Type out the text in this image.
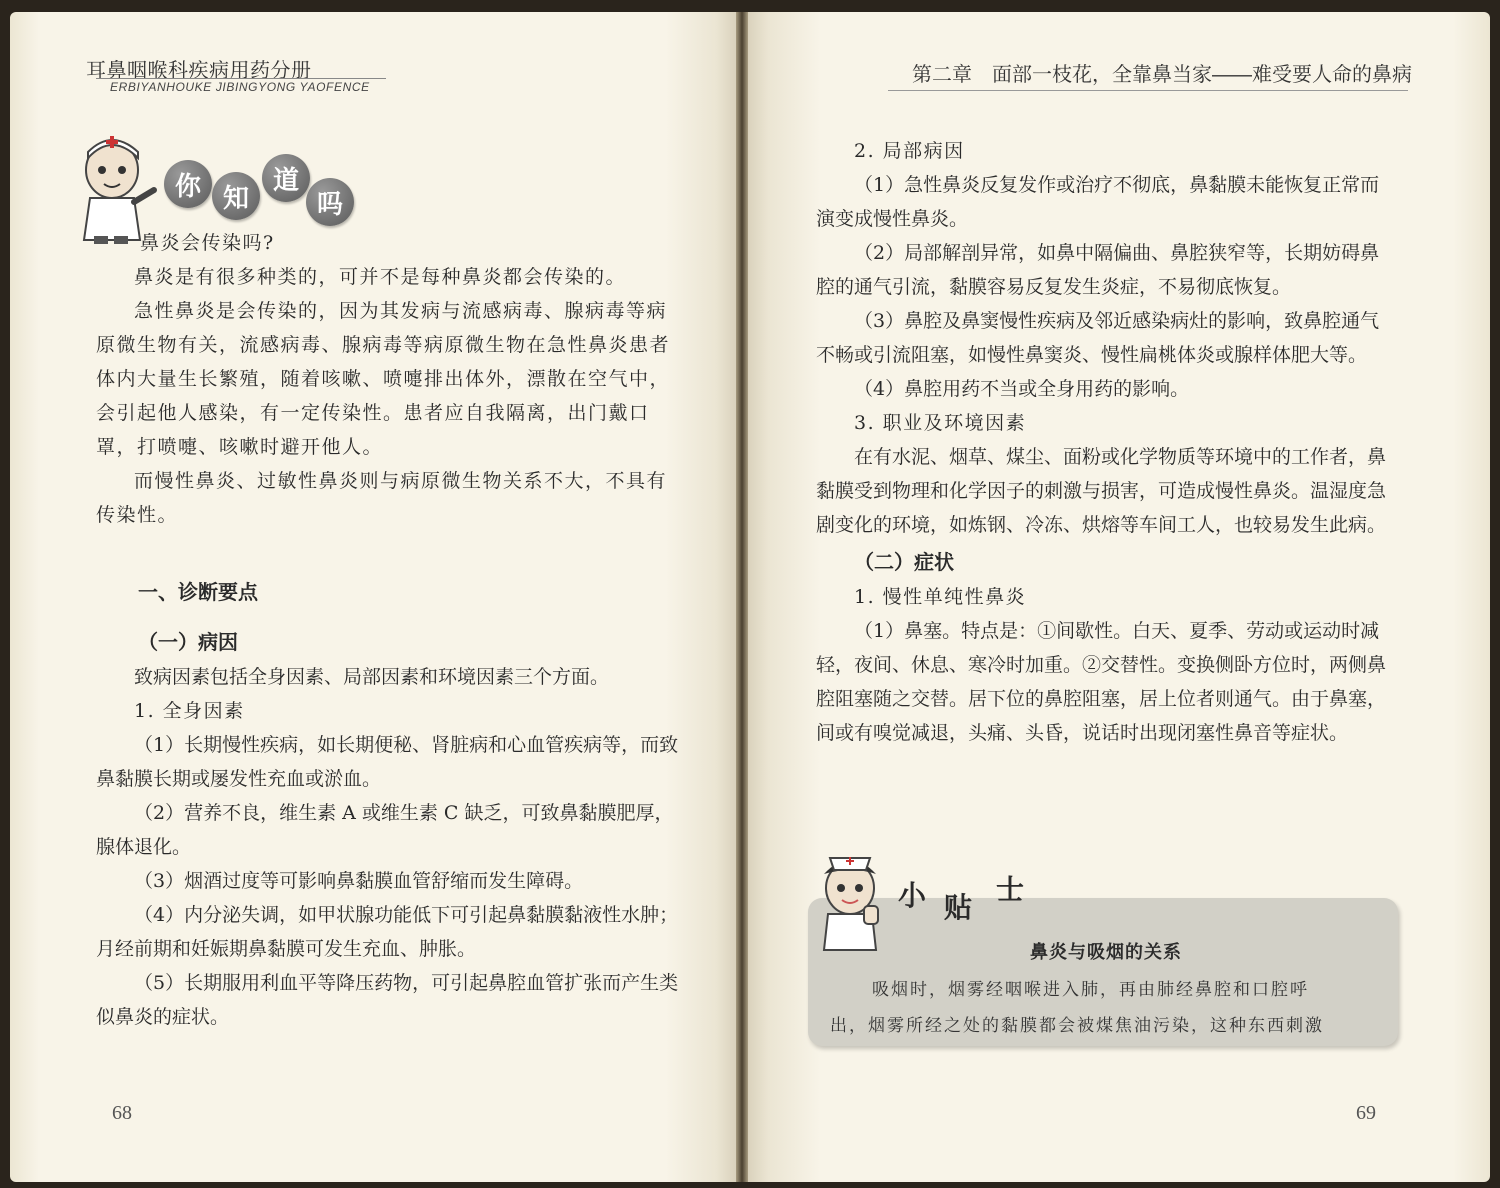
耳鼻咽喉科疾病用药分册
ERBIYANHOUKE JIBINGYONG YAOFENCE
第二章　面部一枝花，全靠鼻当家——难受要人命的鼻病
你 知
道
吗

鼻炎会传染吗?

鼻炎是有很多种类的，可并不是每种鼻炎都会传染的。

急性鼻炎是会传染的，因为其发病与流感病毒、腺病毒等病原微生物有关，流感病毒、腺病毒等病原微生物在急性鼻炎患者体内大量生长繁殖，随着咳嗽、喷嚏排出体外，漂散在空气中，会引起他人感染，有一定传染性。患者应自我隔离，出门戴口罩，打喷嚏、咳嗽时避开他人。

而慢性鼻炎、过敏性鼻炎则与病原微生物关系不大，不具有传染性。

一、诊断要点

（一）病因

致病因素包括全身因素、局部因素和环境因素三个方面。

1. 全身因素

（1）长期慢性疾病，如长期便秘、肾脏病和心血管疾病等，而致鼻黏膜长期或屡发性充血或淤血。

（2）营养不良，维生素 A 或维生素 C 缺乏，可致鼻黏膜肥厚，腺体退化。

（3）烟酒过度等可影响鼻黏膜血管舒缩而发生障碍。

（4）内分泌失调，如甲状腺功能低下可引起鼻黏膜黏液性水肿；月经前期和妊娠期鼻黏膜可发生充血、肿胀。

（5）长期服用利血平等降压药物，可引起鼻腔血管扩张而产生类似鼻炎的症状。

68

2. 局部病因

（1）急性鼻炎反复发作或治疗不彻底，鼻黏膜未能恢复正常而演变成慢性鼻炎。

（2）局部解剖异常，如鼻中隔偏曲、鼻腔狭窄等，长期妨碍鼻腔的通气引流，黏膜容易反复发生炎症，不易彻底恢复。

（3）鼻腔及鼻窦慢性疾病及邻近感染病灶的影响，致鼻腔通气不畅或引流阻塞，如慢性鼻窦炎、慢性扁桃体炎或腺样体肥大等。

（4）鼻腔用药不当或全身用药的影响。

3. 职业及环境因素

在有水泥、烟草、煤尘、面粉或化学物质等环境中的工作者，鼻黏膜受到物理和化学因子的刺激与损害，可造成慢性鼻炎。温湿度急剧变化的环境，如炼钢、冷冻、烘熔等车间工人，也较易发生此病。

（二）症状

1. 慢性单纯性鼻炎

（1）鼻塞。特点是：①间歇性。白天、夏季、劳动或运动时减轻，夜间、休息、寒冷时加重。②交替性。变换侧卧方位时，两侧鼻腔阻塞随之交替。居下位的鼻腔阻塞，居上位者则通气。由于鼻塞，间或有嗅觉减退，头痛、头昏，说话时出现闭塞性鼻音等症状。

小 贴
士
鼻炎与吸烟的关系

吸烟时，烟雾经咽喉进入肺，再由肺经鼻腔和口腔呼

出，烟雾所经之处的黏膜都会被煤焦油污染，这种东西刺激

69
